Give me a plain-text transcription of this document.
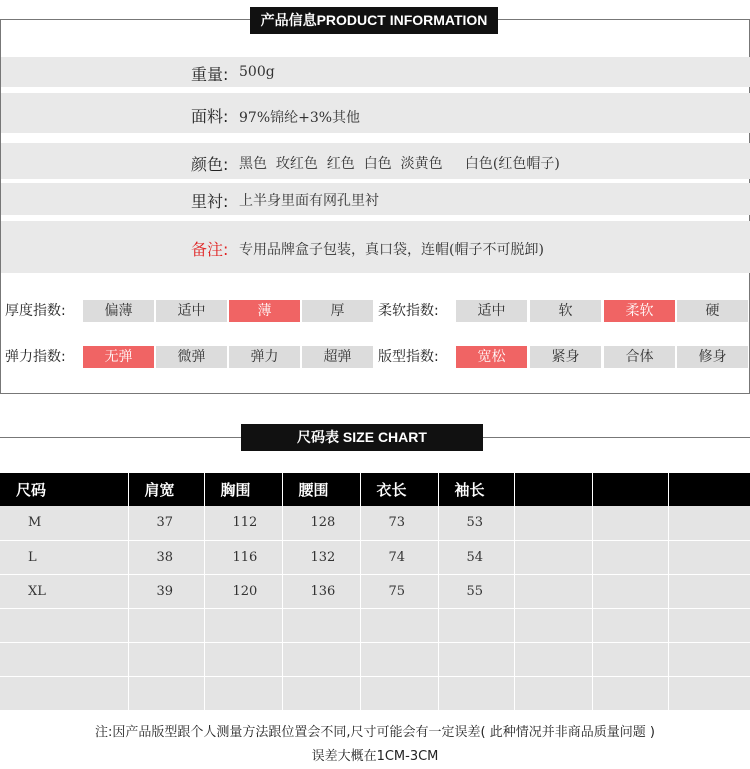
重量: 500g
面料: 97%锦纶+3%其他
颜色: 黑色  玫红色  红色  白色  淡黄色     白色(红色帽子)
里衬: 上半身里面有网孔里衬
备注: 专用品牌盒子包装，真口袋，连帽(帽子不可脱卸)
厚度指数:	偏薄	适中	薄	厚	柔软指数:	适中	软	柔软	硬
弹力指数:	无弹	微弹	弹力	超弹	版型指数:	宽松	紧身	合体	修身
产品信息PRODUCT INFORMATION
尺码表 SIZE CHART
尺码	肩宽	胸围	腰围	衣长	袖长			
M	37	112	128	73	53			
L	38	116	132	74	54			
XL	39	120	136	75	55			

注:因产品版型跟个人测量方法跟位置会不同,尺寸可能会有一定误差( 此种情况并非商品质量问题 )
误差大概在1CM-3CM
